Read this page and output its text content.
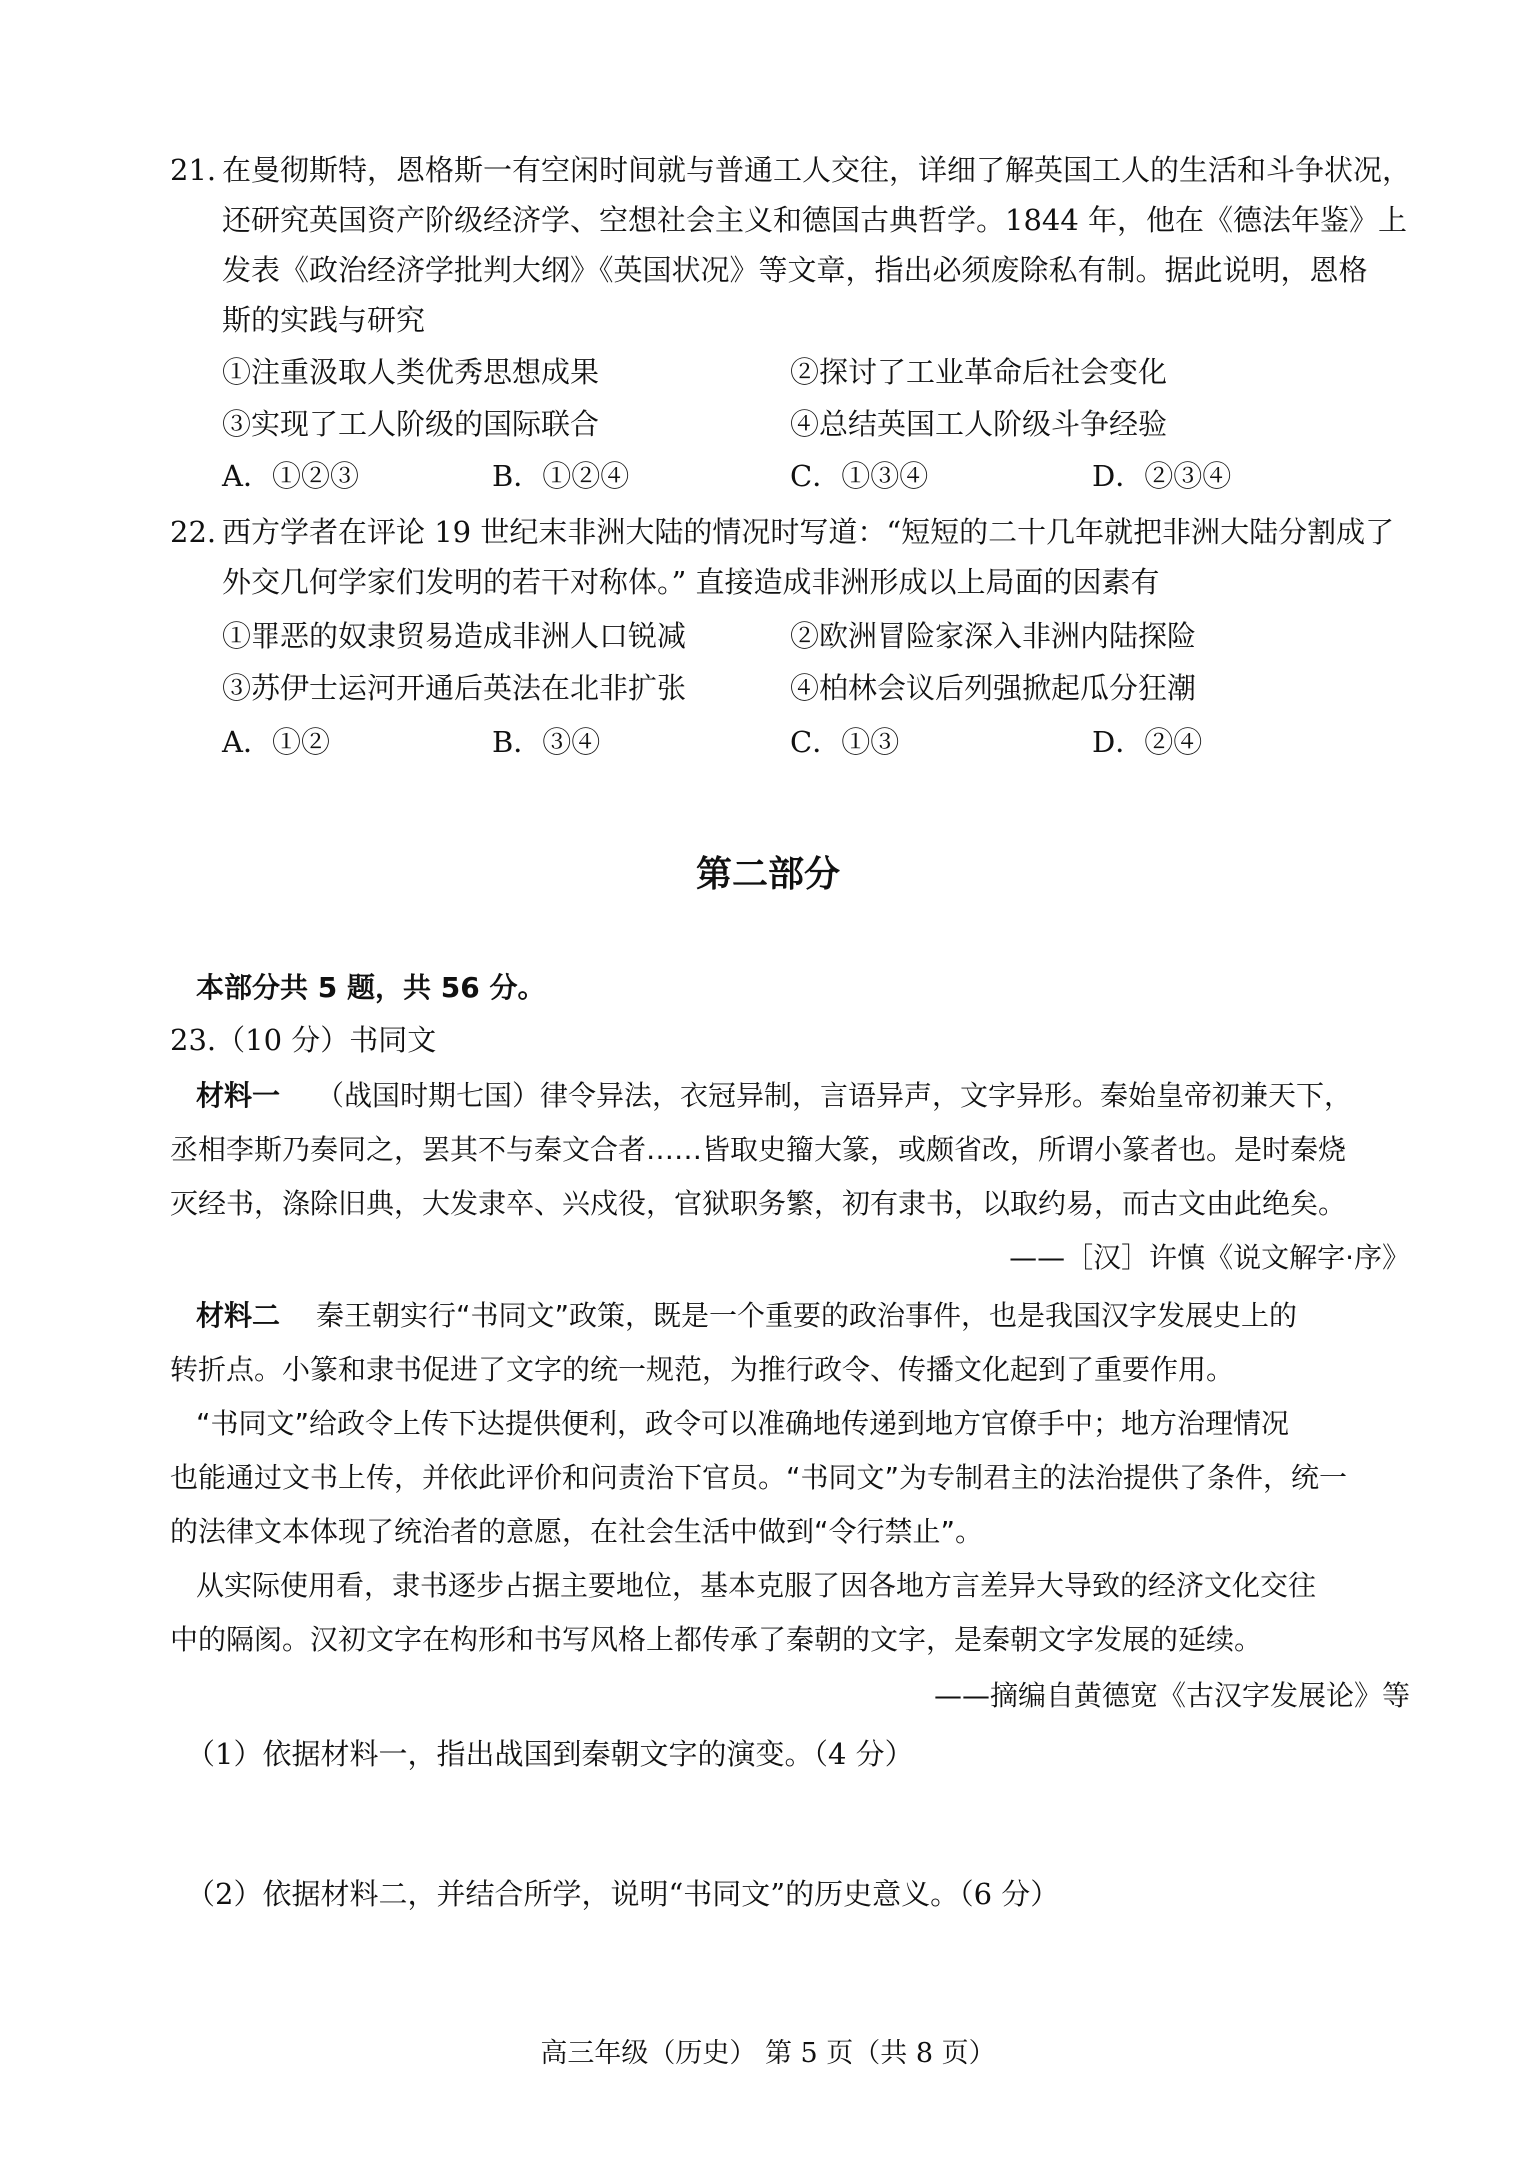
21. 在曼彻斯特，恩格斯一有空闲时间就与普通工人交往，详细了解英国工人的生活和斗争状况，
还研究英国资产阶级经济学、空想社会主义和德国古典哲学。1844 年，他在《德法年鉴》上
发表《政治经济学批判大纲》《英国状况》等文章，指出必须废除私有制。据此说明，恩格
斯的实践与研究
①注重汲取人类优秀思想成果	②探讨了工业革命后社会变化
③实现了工人阶级的国际联合	④总结英国工人阶级斗争经验
A．①②③	B．①②④	C．①③④	D．②③④
22. 西方学者在评论 19 世纪末非洲大陆的情况时写道：“短短的二十几年就把非洲大陆分割成了
外交几何学家们发明的若干对称体。” 直接造成非洲形成以上局面的因素有
①罪恶的奴隶贸易造成非洲人口锐减	②欧洲冒险家深入非洲内陆探险
③苏伊士运河开通后英法在北非扩张	④柏林会议后列强掀起瓜分狂潮
A．①②	B．③④	C．①③	D．②④
第二部分
本部分共 5 题，共 56 分。
23.（10 分）书同文
材料一 （战国时期七国）律令异法，衣冠异制，言语异声，文字异形。秦始皇帝初兼天下，
丞相李斯乃奏同之，罢其不与秦文合者……皆取史籀大篆，或颇省改，所谓小篆者也。是时秦烧
灭经书，涤除旧典，大发隶卒、兴戍役，官狱职务繁，初有隶书，以取约易，而古文由此绝矣。
——［汉］许慎《说文解字·序》
材料二 秦王朝实行“书同文”政策，既是一个重要的政治事件，也是我国汉字发展史上的
转折点。小篆和隶书促进了文字的统一规范，为推行政令、传播文化起到了重要作用。
“书同文”给政令上传下达提供便利，政令可以准确地传递到地方官僚手中；地方治理情况
也能通过文书上传，并依此评价和问责治下官员。“书同文”为专制君主的法治提供了条件，统一
的法律文本体现了统治者的意愿，在社会生活中做到“令行禁止”。
从实际使用看，隶书逐步占据主要地位，基本克服了因各地方言差异大导致的经济文化交往
中的隔阂。汉初文字在构形和书写风格上都传承了秦朝的文字，是秦朝文字发展的延续。
——摘编自黄德宽《古汉字发展论》等
（1）依据材料一，指出战国到秦朝文字的演变。（4 分）
（2）依据材料二，并结合所学，说明“书同文”的历史意义。（6 分）
高三年级（历史） 第 5 页（共 8 页）
